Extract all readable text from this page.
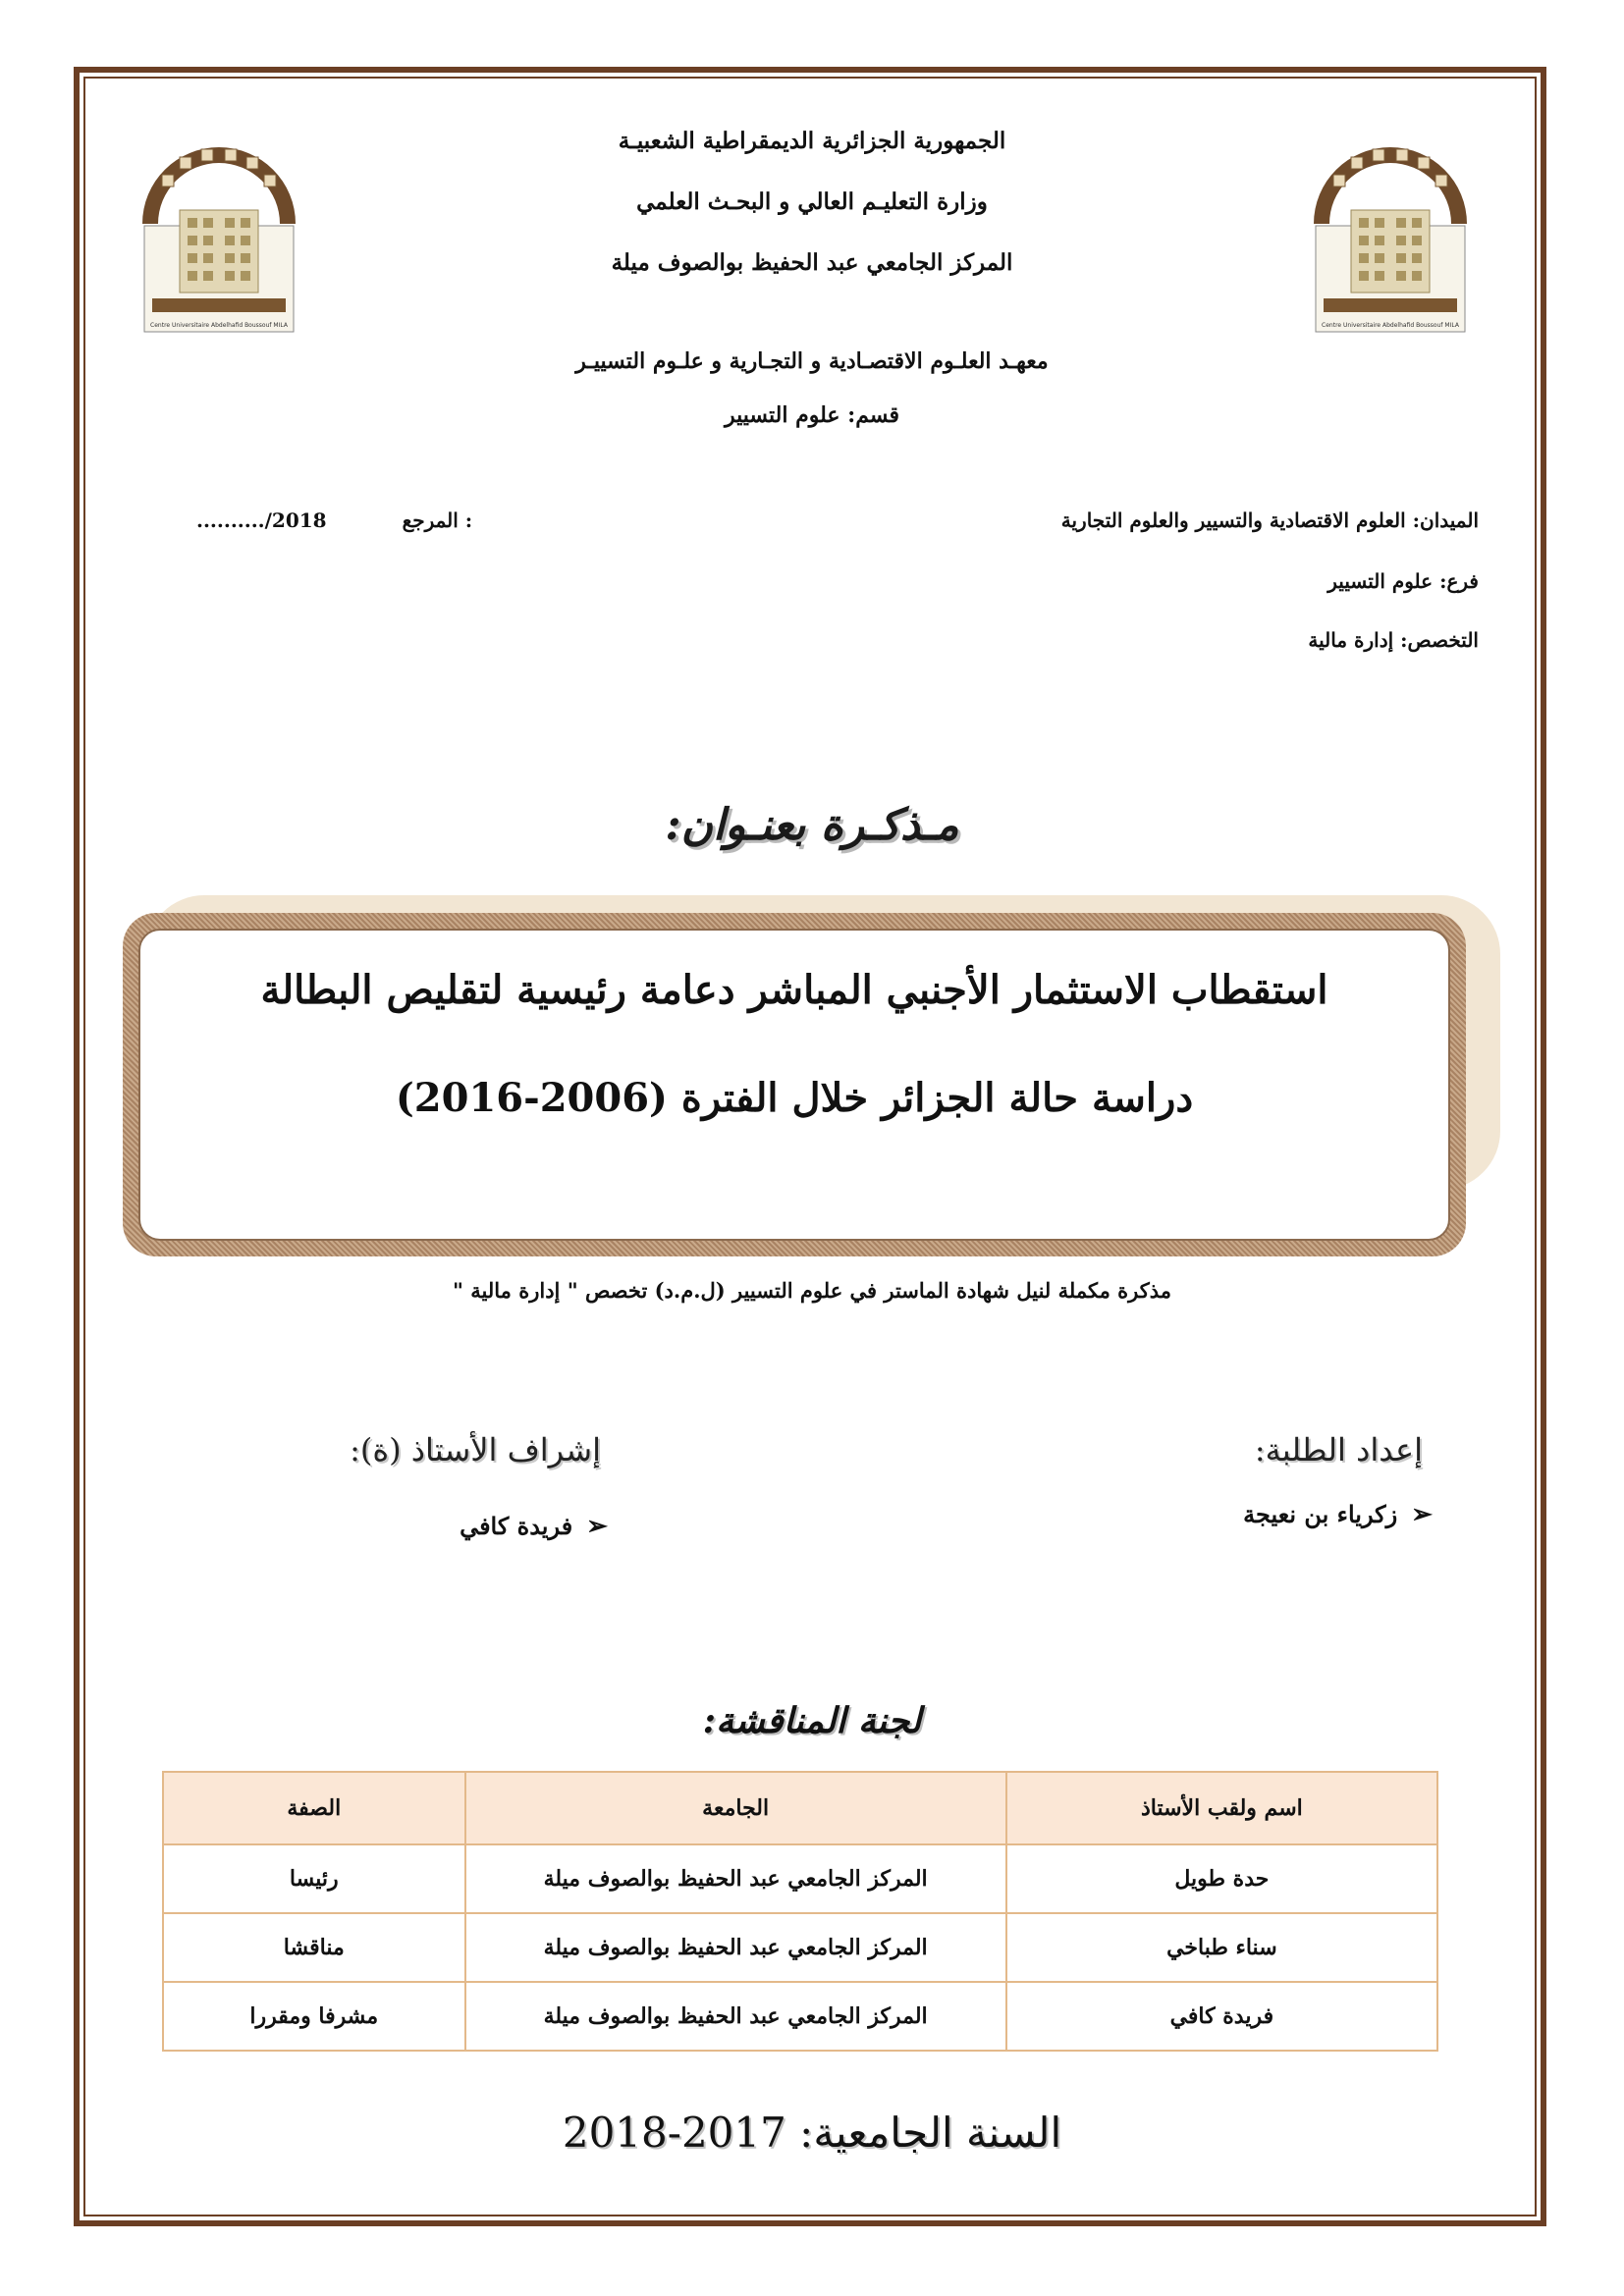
Centre Universitaire Abdelhafid Boussouf MILA
Centre Universitaire Abdelhafid Boussouf MILA
الجمهورية الجزائرية الديمقراطية الشعبيـة
وزارة التعليـم العالي و البحـث العلمي
المركز الجامعي عبد الحفيظ بوالصوف ميلة
معهـد العلـوم الاقتصـادية و التجـارية و علـوم التسييـر
قسم: علوم التسيير
الميدان: العلوم الاقتصادية والتسيير والعلوم التجارية
فرع: علوم التسيير
التخصص: إدارة مالية
........../2018	المرجع :
مـذكـرة بعنـوان:
استقطاب الاستثمار الأجنبي المباشر دعامة رئيسية لتقليص البطالة
دراسة حالة الجزائر خلال الفترة (2006-2016)
مذكرة مكملة لنيل شهادة الماستر في علوم التسيير (ل.م.د) تخصص " إدارة مالية "
إعداد الطلبة:
➢زكرياء بن نعيجة
إشراف الأستاذ (ة):
➢فريدة كافي
لجنة المناقشة:
اسم ولقب الأستاذ	الجامعة	الصفة
حدة طويل	المركز الجامعي عبد الحفيظ بوالصوف ميلة	رئيسا
سناء طباخي	المركز الجامعي عبد الحفيظ بوالصوف ميلة	مناقشا
فريدة كافي	المركز الجامعي عبد الحفيظ بوالصوف ميلة	مشرفا ومقررا
السنة الجامعية: 2017-2018
